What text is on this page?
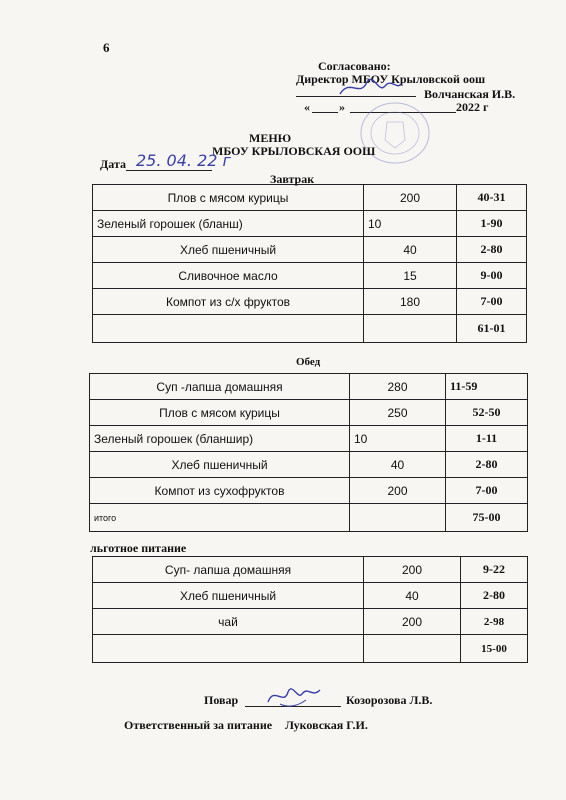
6
Согласовано:
Директор МБОУ Крыловской оош
Волчанская И.В.
« »	2022 г
МЕНЮ
МБОУ КРЫЛОВСКАЯ ООШ
Дата 25. 04. 22 г
Завтрак
Плов с мясом курицы	200	40-31
Зеленый горошек (бланш)	10	1-90
Хлеб пшеничный	40	2-80
Сливочное масло	15	9-00
Компот из с/х фруктов	180	7-00
		61-01
Обед
Суп -лапша домашняя	280	11-59
Плов с мясом курицы	250	52-50
Зеленый горошек (бланшир)	10	1-11
Хлеб пшеничный	40	2-80
Компот из сухофруктов	200	7-00
итого		75-00
льготное питание
Суп- лапша домашняя	200	9-22
Хлеб пшеничный	40	2-80
чай	200	2-98
		15-00
Повар	Козорозова Л.В.
Ответственный за питание Луковская Г.И.
